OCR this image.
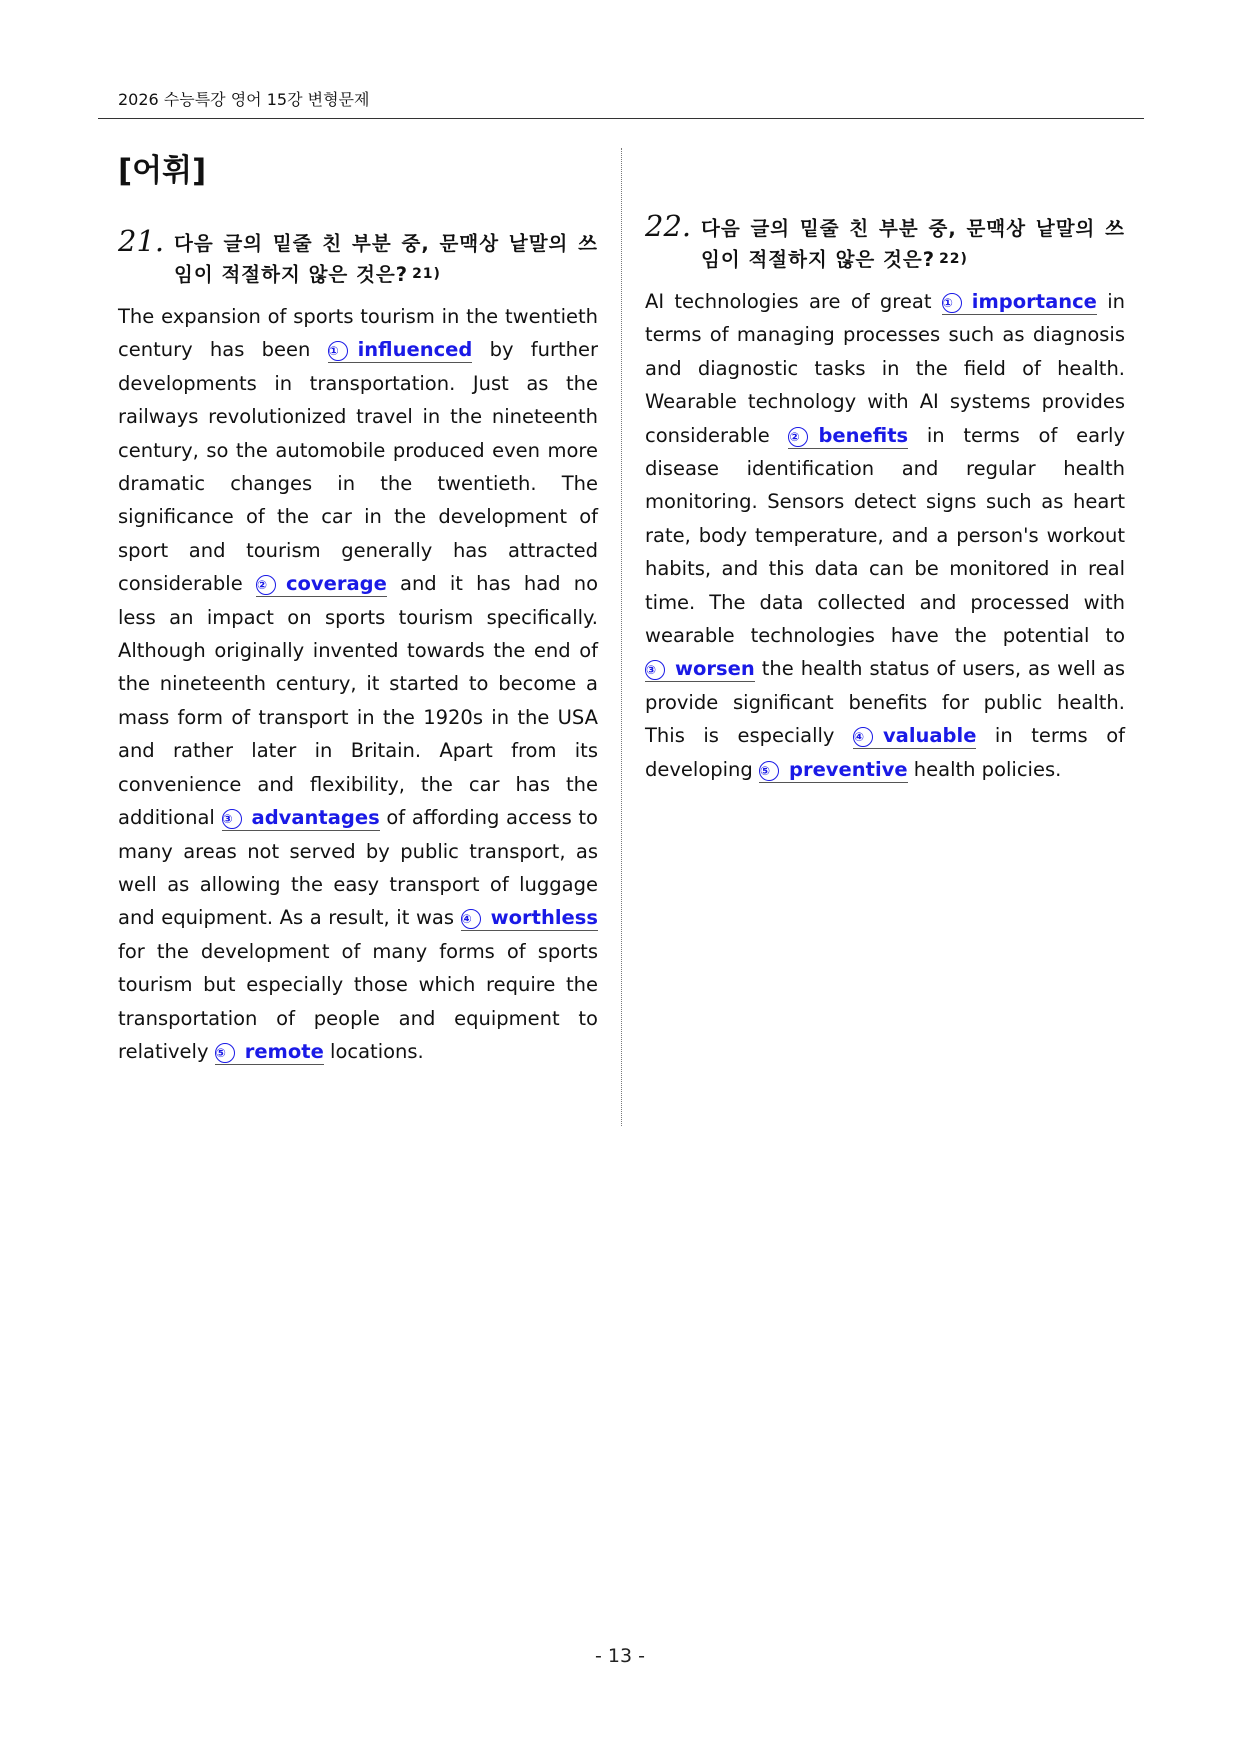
2026 수능특강 영어 15강 변형문제
[어휘]
21. 다음 글의 밑줄 친 부분 중, 문맥상 낱말의 쓰임이 적절하지 않은 것은? 21)
The expansion of sports tourism in the twentieth century has been ① influenced by further developments in transportation. Just as the railways revolutionized travel in the nineteenth century, so the automobile produced even more dramatic changes in the twentieth. The significance of the car in the development of sport and tourism generally has attracted considerable ② coverage and it has had no less an impact on sports tourism specifically. Although originally invented towards the end of the nineteenth century, it started to become a mass form of transport in the 1920s in the USA and rather later in Britain. Apart from its convenience and flexibility, the car has the additional ③ advantages of affording access to many areas not served by public transport, as well as allowing the easy transport of luggage and equipment. As a result, it was ④ worthless for the development of many forms of sports tourism but especially those which require the transportation of people and equipment to relatively ⑤ remote locations.
22. 다음 글의 밑줄 친 부분 중, 문맥상 낱말의 쓰임이 적절하지 않은 것은? 22)
AI technologies are of great ① importance in terms of managing processes such as diagnosis and diagnostic tasks in the field of health. Wearable technology with AI systems provides considerable ② benefits in terms of early disease identification and regular health monitoring. Sensors detect signs such as heart rate, body temperature, and a person's workout habits, and this data can be monitored in real time. The data collected and processed with wearable technologies have the potential to ③ worsen the health status of users, as well as provide significant benefits for public health. This is especially ④ valuable in terms of developing ⑤ preventive health policies.
- 13 -
